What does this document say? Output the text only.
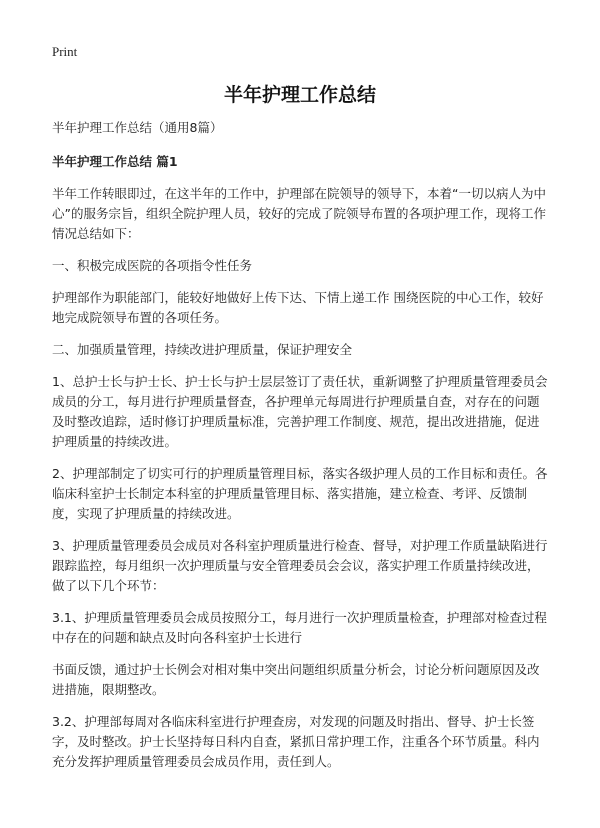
Print
半年护理工作总结

半年护理工作总结（通用8篇）

半年护理工作总结 篇1

半年工作转眼即过，在这半年的工作中，护理部在院领导的领导下，本着“一切以病人为中心”的服务宗旨，组织全院护理人员，较好的完成了院领导布置的各项护理工作，现将工作情况总结如下：

一、积极完成医院的各项指令性任务

护理部作为职能部门，能较好地做好上传下达、下情上递工作 围绕医院的中心工作，较好地完成院领导布置的各项任务。

二、加强质量管理，持续改进护理质量，保证护理安全

1、总护士长与护士长、护士长与护士层层签订了责任状，重新调整了护理质量管理委员会成员的分工，每月进行护理质量督查，各护理单元每周进行护理质量自查，对存在的问题及时整改追踪，适时修订护理质量标准，完善护理工作制度、规范，提出改进措施，促进护理质量的持续改进。

2、护理部制定了切实可行的护理质量管理目标，落实各级护理人员的工作目标和责任。各临床科室护士长制定本科室的护理质量管理目标、落实措施，建立检查、考评、反馈制度，实现了护理质量的持续改进。

3、护理质量管理委员会成员对各科室护理质量进行检查、督导，对护理工作质量缺陷进行跟踪监控，每月组织一次护理质量与安全管理委员会会议，落实护理工作质量持续改进，做了以下几个环节：

3.1、护理质量管理委员会成员按照分工，每月进行一次护理质量检查，护理部对检查过程中存在的问题和缺点及时向各科室护士长进行

书面反馈，通过护士长例会对相对集中突出问题组织质量分析会，讨论分析问题原因及改进措施，限期整改。

3.2、护理部每周对各临床科室进行护理查房，对发现的问题及时指出、督导、护士长签字，及时整改。护士长坚持每日科内自查，紧抓日常护理工作，注重各个环节质量。科内充分发挥护理质量管理委员会成员作用，责任到人。
